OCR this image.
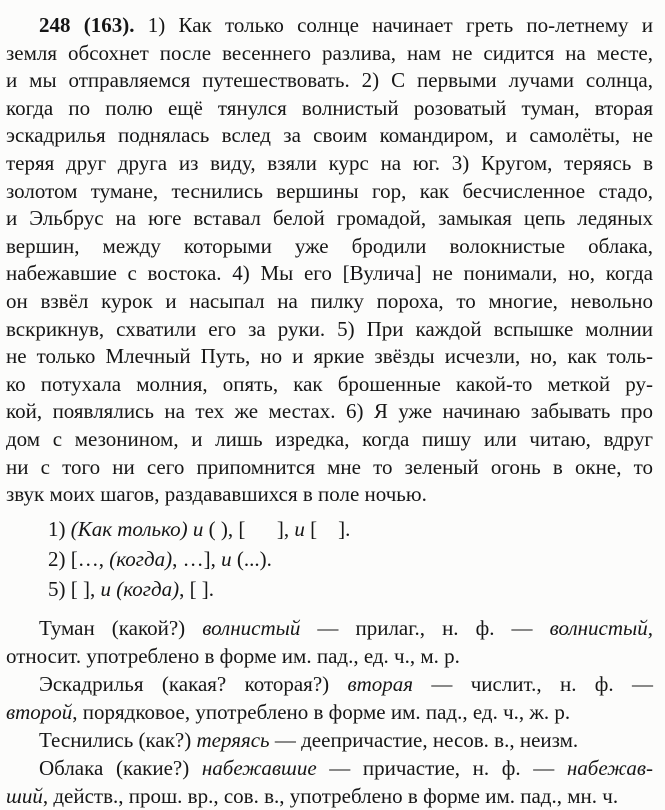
248 (163). 1) Как только солнце начинает греть по-летнему и
земля обсохнет после весеннего разлива, нам не сидится на месте,
и мы отправляемся путешествовать. 2) С первыми лучами солнца,
когда по полю ещё тянулся волнистый розоватый туман, вторая
эскадрилья поднялась вслед за своим командиром, и самолёты, не
теряя друг друга из виду, взяли курс на юг. 3) Кругом, теряясь в
золотом тумане, теснились вершины гор, как бесчисленное стадо,
и Эльбрус на юге вставал белой громадой, замыкая цепь ледяных
вершин, между которыми уже бродили волокнистые облака,
набежавшие с востока. 4) Мы его [Вулича] не понимали, но, когда
он взвёл курок и насыпал на пилку пороха, то многие, невольно
вскрикнув, схватили его за руки. 5) При каждой вспышке молнии
не только Млечный Путь, но и яркие звёзды исчезли, но, как толь-
ко потухала молния, опять, как брошенные какой-то меткой ру-
кой, появлялись на тех же местах. 6) Я уже начинаю забывать про
дом с мезонином, и лишь изредка, когда пишу или читаю, вдруг
ни с того ни сего припомнится мне то зеленый огонь в окне, то
звук моих шагов, раздававшихся в поле ночью.
1) (Как только) и ( ), [      ], и [    ].
2) […, (когда), …], и (...).
5) [ ], и (когда), [ ].
Туман (какой?) волнистый — прилаг., н. ф. — волнистый,
относит. употреблено в форме им. пад., ед. ч., м. р.
Эскадрилья (какая? которая?) вторая — числит., н. ф. —
второй, порядковое, употреблено в форме им. пад., ед. ч., ж. р.
Теснились (как?) теряясь — деепричастие, несов. в., неизм.
Облака (какие?) набежавшие — причастие, н. ф. — набежав-
ший, действ., прош. вр., сов. в., употреблено в форме им. пад., мн. ч.
